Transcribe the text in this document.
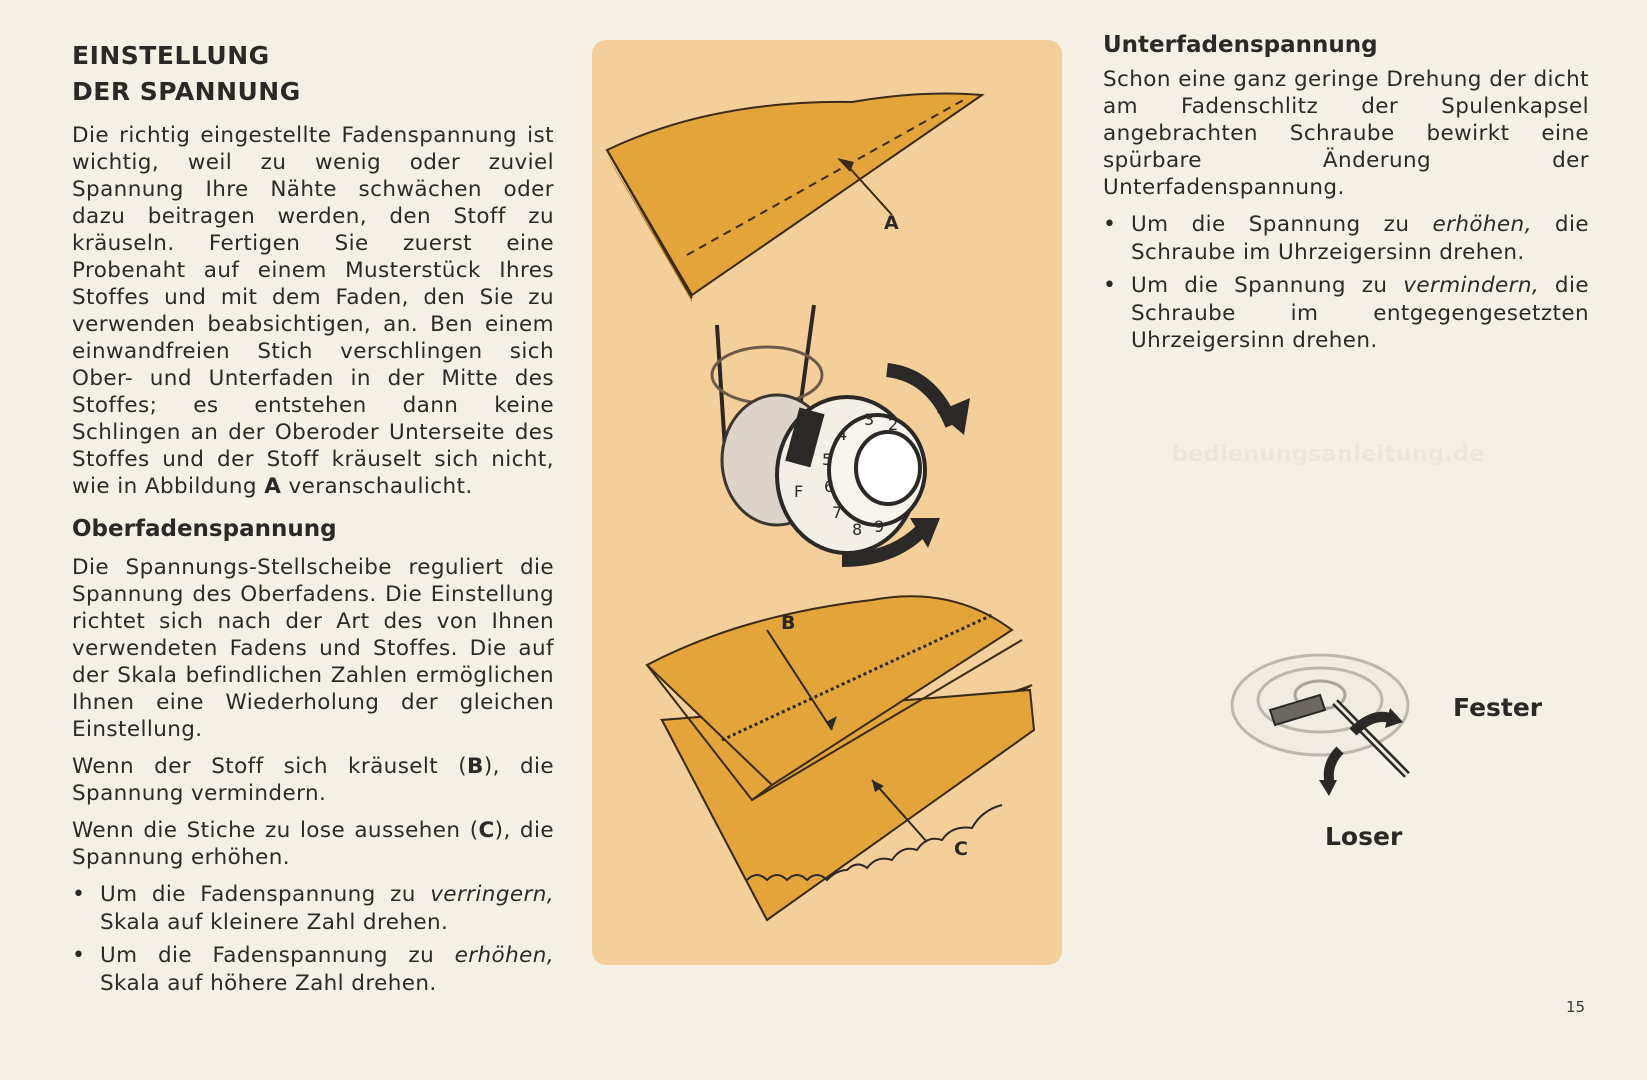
EINSTELLUNG
DER SPANNUNG

Die richtig eingestellte Fadenspannung ist wichtig, weil zu wenig oder zuviel Spannung Ihre Nähte schwächen oder dazu beitragen werden, den Stoff zu kräuseln. Fertigen Sie zuerst eine Probenaht auf einem Musterstück Ihres Stoffes und mit dem Faden, den Sie zu verwenden beabsichtigen, an. Ben einem einwandfreien Stich verschlingen sich Ober- und Unterfaden in der Mitte des Stoffes; es entstehen dann keine Schlingen an der Oberoder Unterseite des Stoffes und der Stoff kräuselt sich nicht, wie in Abbildung A veranschaulicht.

Oberfadenspannung

Die Spannungs-Stellscheibe reguliert die Spannung des Oberfadens. Die Einstellung richtet sich nach der Art des von Ihnen verwendeten Fadens und Stoffes. Die auf der Skala befindlichen Zahlen ermöglichen Ihnen eine Wiederholung der gleichen Einstellung.

Wenn der Stoff sich kräuselt (B), die Spannung vermindern.

Wenn die Stiche zu lose aussehen (C), die Spannung erhöhen.

• Um die Fadenspannung zu verringern, Skala auf kleinere Zahl drehen.
• Um die Fadenspannung zu erhöhen, Skala auf höhere Zahl drehen.
4
3 2
5
6
7
8 9
F
A
B
C
Unterfadenspannung

Schon eine ganz geringe Drehung der dicht am Fadenschlitz der Spulenkapsel angebrachten Schraube bewirkt eine spürbare Änderung der Unterfadenspannung.

• Um die Spannung zu erhöhen, die Schraube im Uhrzeigersinn drehen.
• Um die Spannung zu vermindern, die Schraube im entgegengesetzten Uhrzeigersinn drehen.
bedienungsanleitung.de
Fester
Loser
15
